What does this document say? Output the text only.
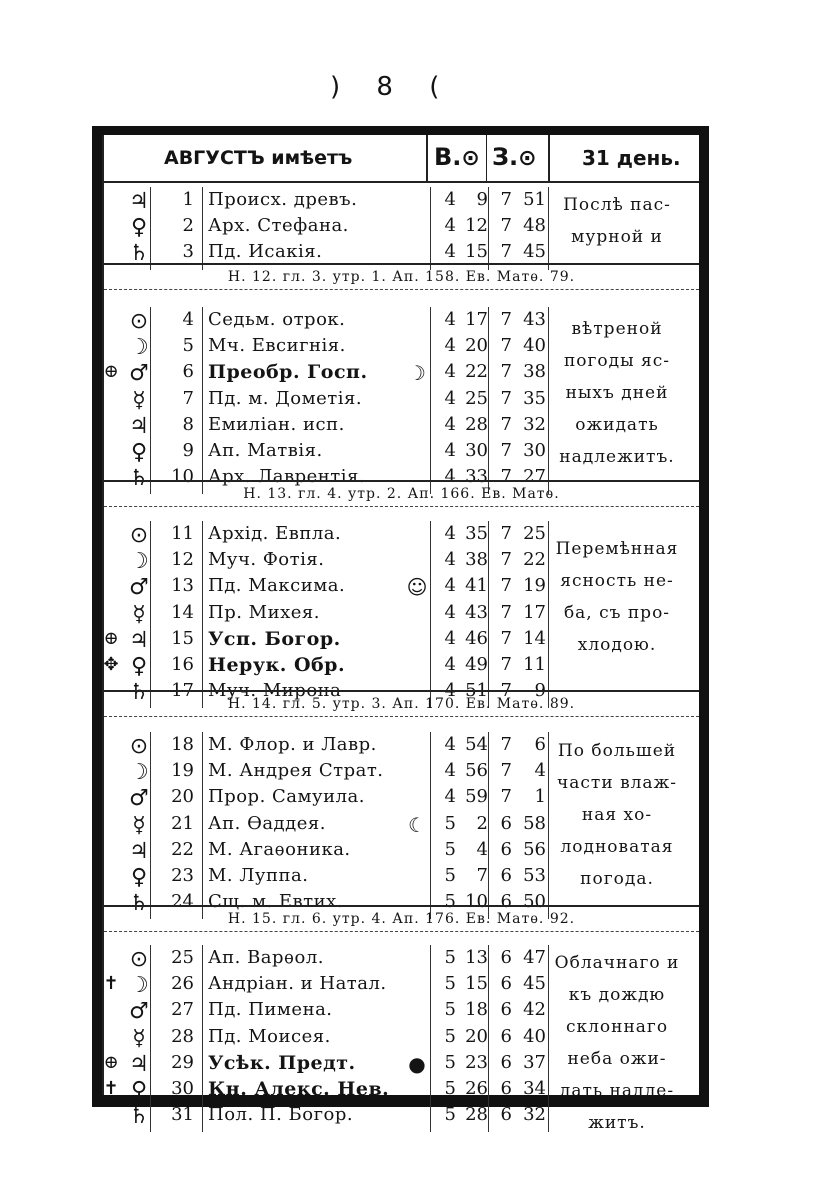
) 8 (
АВГУСТЪ имѣетъ	В.⊙ З.⊙ 31 день.
♃	1 Происх. древъ.	4	9 7 51
♀	2 Арх. Стефана.	4 12 7 48
♄	3 Пд. Исакія.	4 15 7 45
Послѣ пас-мурной и
Н. 12. гл. 3. утр. 1. Ап. 158. Ев. Матѳ. 79.
⊙	4 Седьм. отрок.	4 17 7 43
☽	5 Мч. Евсигнія.	4 20 7 40
⊕ ♂	6 Преобр. Госп. ☽	4 22 7 38
☿	7 Пд. м. Дометія.	4 25 7 35
♃	8 Емиліан. исп.	4 28 7 32
♀	9 Ап. Матвія.	4 30 7 30
♄	10 Арх. Лаврентія.	4 33 7 27
вѣтреной погоды яс-ныхъ дней ожидать надлежитъ.
Н. 13. гл. 4. утр. 2. Ап. 166. Ев. Матѳ.
⊙	11 Архід. Евпла.	4 35 7 25
☽	12 Муч. Фотія.	4 38 7 22
♂	13 Пд. Максима.	☺ 4 41 7 19
☿	14 Пр. Михея.	4 43 7 17
⊕ ♃	15 Усп. Богор.	4 46 7 14
✥ ♀	16 Нерук. Обр.	4 49 7 11
♄	17 Муч. Мирона	4 51 7	9
Перемѣнная ясность не-ба, съ про-хлодою.
Н. 14. гл. 5. утр. 3. Ап. 170. Ев. Матѳ. 89.
⊙	18 М. Флор. и Лавр.	4 54 7	6
☽	19 М. Андрея Страт.	4 56 7	4
♂	20 Прор. Самуила.	4 59 7	1
☿	21 Ап. Ѳаддея.	☾	5	2 6 58
♃	22 М. Агаѳоника.	5	4 6 56
♀	23 М. Луппа.	5	7 6 53
♄	24 Сщ. м. Евтих.	5 10 6 50
По большей части влаж-ная хо-лодноватая погода.
Н. 15. гл. 6. утр. 4. Ап. 176. Ев. Матѳ. 92.
⊙	25 Ап. Варѳол.	5 13 6 47
✝ ☽	26 Андріан. и Натал.	5 15 6 45
♂	27 Пд. Пимена.	5 18 6 42
☿	28 Пд. Моисея.	5 20 6 40
⊕ ♃	29 Усѣк. Предт.	●	5 23 6 37
✝ ♀	30 Кн. Алекс. Нев.	5 26 6 34
♄	31 Пол. П. Богор.	5 28 6 32
Облачнаго и къ дождю склоннаго неба ожи-дать надле-житъ.
